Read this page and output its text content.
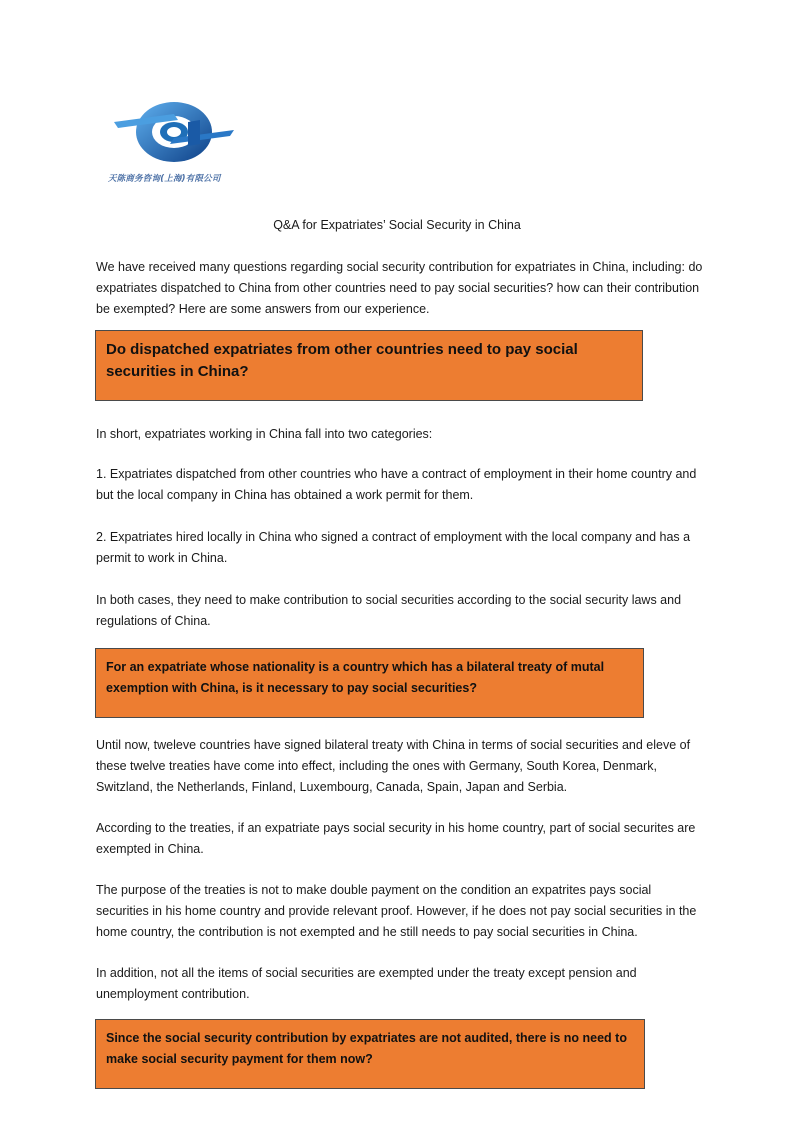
天陈商务咨询(上海)有限公司
Q&A for Expatriates’ Social Security in China
We have received many questions regarding social security contribution for expatriates in China, including: do expatriates dispatched to China from other countries need to pay social securities? how can their contribution be exempted? Here are some answers from our experience.
Do dispatched expatriates from other countries need to pay social securities in China?
In short, expatriates working in China fall into two categories:
1. Expatriates dispatched from other countries who have a contract of employment in their home country and but the local company in China has obtained a work permit for them.
2. Expatriates hired locally in China who signed a contract of employment with the local company and has a permit to work in China.
In both cases, they need to make contribution to social securities according to the social security laws and regulations of China.
For an expatriate whose nationality is a country which has a bilateral treaty of mutal exemption with China, is it necessary to pay social securities?
Until now, tweleve countries have signed bilateral treaty with China in terms of social securities and eleve of these twelve treaties have come into effect, including the ones with Germany, South Korea, Denmark, Switzland, the Netherlands, Finland, Luxembourg, Canada, Spain, Japan and Serbia.
According to the treaties, if an expatriate pays social security in his home country, part of social securites are exempted in China.
The purpose of the treaties is not to make double payment on the condition an expatrites pays social securities in his home country and provide relevant proof. However, if he does not pay social securities in the home country, the contribution is not exempted and he still needs to pay social securities in China.
In addition, not all the items of social securities are exempted under the treaty except pension and unemployment contribution.
Since the social security contribution by expatriates are not audited, there is no need to make social security payment for them now?
